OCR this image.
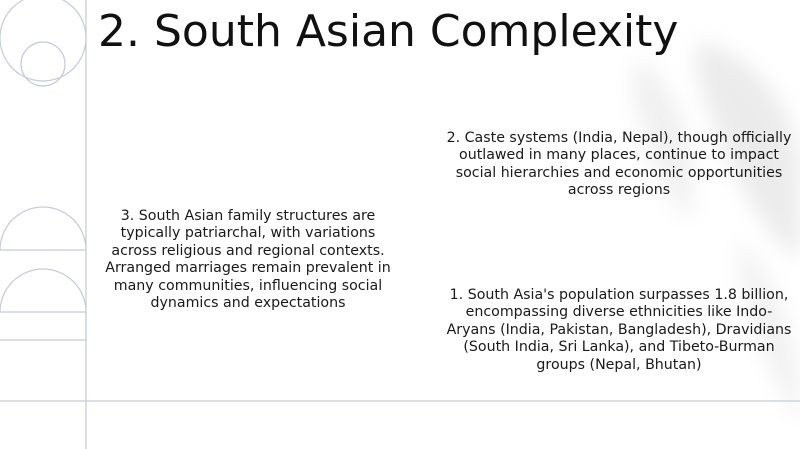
2. South Asian Complexity
3. South Asian family structures are typically patriarchal, with variations across religious and regional contexts. Arranged marriages remain prevalent in many communities, influencing social dynamics and expectations
2. Caste systems (India, Nepal), though officially outlawed in many places, continue to impact social hierarchies and economic opportunities across regions
1. South Asia's population surpasses 1.8 billion, encompassing diverse ethnicities like Indo-Aryans (India, Pakistan, Bangladesh), Dravidians (South India, Sri Lanka), and Tibeto-Burman groups (Nepal, Bhutan)
